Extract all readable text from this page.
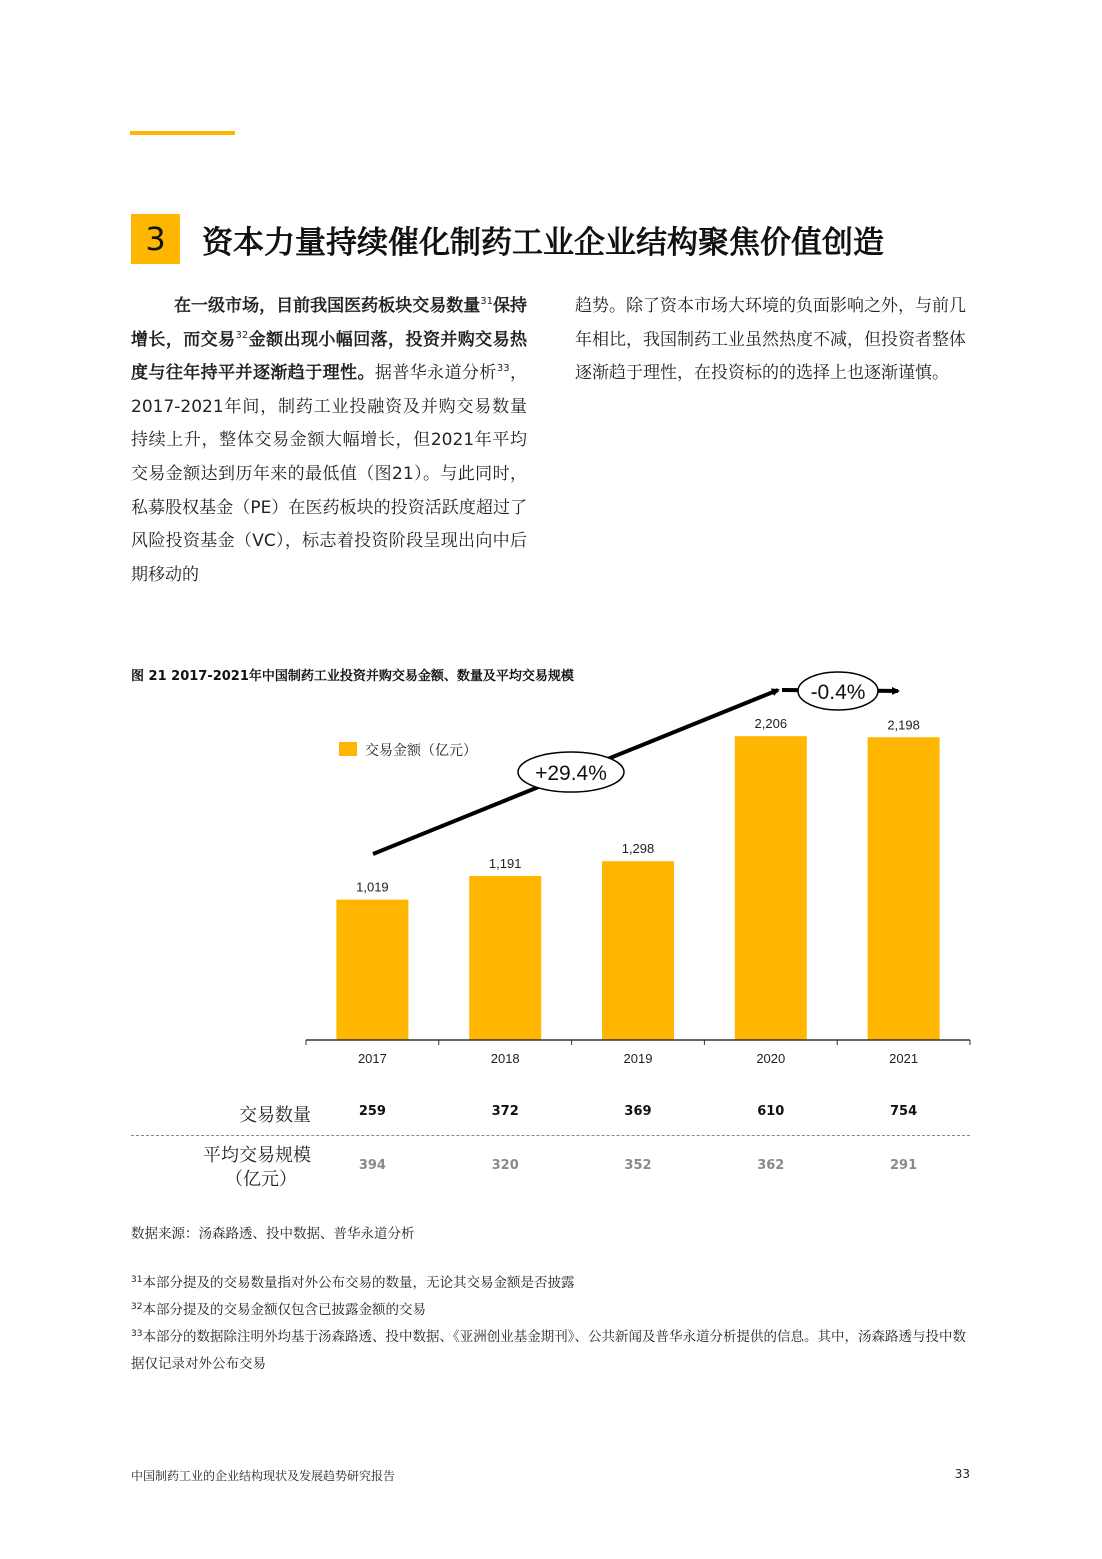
3	资本力量持续催化制药工业企业结构聚焦价值创造

在一级市场，目前我国医药板块交易数量$^{31}$保持增长，而交易$^{32}$金额出现小幅回落，投资并购交易热度与往年持平并逐渐趋于理性。据普华永道分析$^{33}$，2017-2021年间，制药工业投融资及并购交易数量持续上升，整体交易金额大幅增长，但2021年平均交易金额达到历年来的最低值（图21）。与此同时，私募股权基金（PE）在医药板块的投资活跃度超过了风险投资基金（VC），标志着投资阶段呈现出向中后期移动的

趋势。除了资本市场大环境的负面影响之外，与前几年相比，我国制药工业虽然热度不减，但投资者整体逐渐趋于理性，在投资标的的选择上也逐渐谨慎。

图 21 2017-2021年中国制药工业投资并购交易金额、数量及平均交易规模
1,019
1,191
1,298
2,206	2,198
2017	2018	2019	2020	2021
交易金额（亿元）
+29.4%
-0.4%
交易数量	259	372	369	610	754
平均交易规模
（亿元）
394	320	352	362	291
数据来源：汤森路透、投中数据、普华永道分析

$^{31}$本部分提及的交易数量指对外公布交易的数量，无论其交易金额是否披露

$^{32}$本部分提及的交易金额仅包含已披露金额的交易

$^{33}$本部分的数据除注明外均基于汤森路透、投中数据、《亚洲创业基金期刊》、公共新闻及普华永道分析提供的信息。其中，汤森路透与投中数据仅记录对外公布交易

中国制药工业的企业结构现状及发展趋势研究报告	33
